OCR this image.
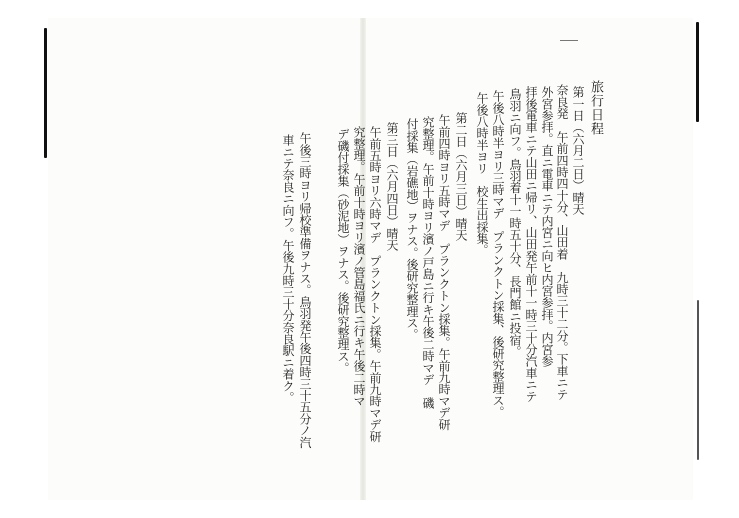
旅行日程
第一日（六月二日）晴天
奈良発　午前四時四十分、山田着　九時三十二分。下車ニテ
外宮参拝。直ニ電車ニテ内宮ニ向ヒ内宮参拝。内宮参
拝後電車ニテ山田ニ帰リ、山田発午前十一時三十分汽車ニテ
鳥羽ニ向フ。鳥羽着十一時五十分、長門館ニ投宿。
午後八時半ヨリ三時マデ　プランクトン採集、後研究整理ス。
午後八時半ヨリ　校生出採集。
第二日（六月三日）晴天
午前四時ヨリ五時マデ　プランクトン採集。午前九時マデ研
究整理。午前十時ヨリ濱ノ戸島ニ行キ午後二時マデ　磯
付採集（岩礁地）ヲナス。後研究整理ス。
第三日（六月四日）晴天
午前五時ヨリ六時マデ　プランクトン採集。午前九時マデ研
究整理。午前十時ヨリ濱ノ管島福氏ニ行キ午後二時マ
デ磯付採集（砂泥地）ヲナス。後研究整理ス。
午後三時ヨリ帰校準備ヲナス。鳥羽発午後四時三十五分ノ汽
車ニテ奈良ニ向フ。午後九時三十分奈良駅ニ着ク。
